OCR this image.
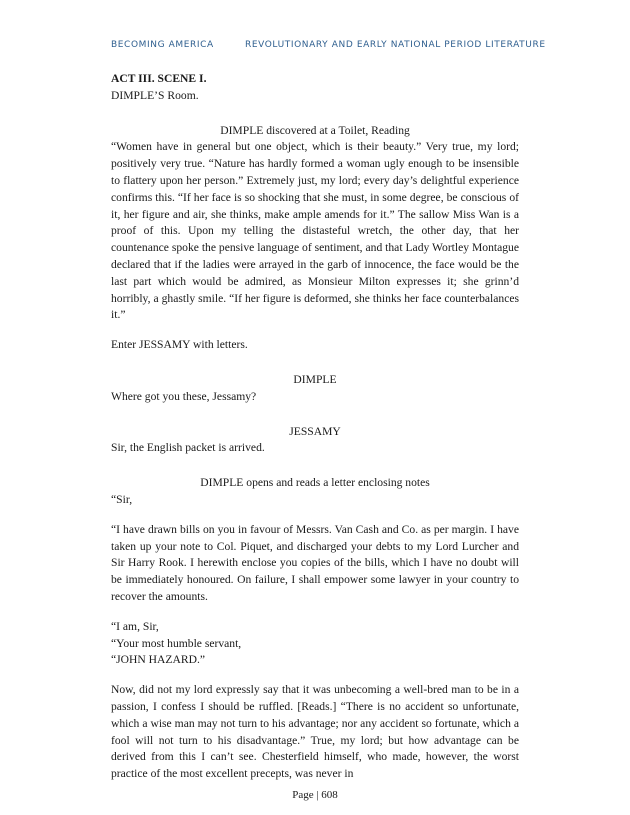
BECOMING AMERICA	REVOLUTIONARY AND EARLY NATIONAL PERIOD LITERATURE

ACT III. SCENE I.

DIMPLE’S Room.

DIMPLE discovered at a Toilet, Reading

“Women have in general but one object, which is their beauty.” Very true, my lord; positively very true. “Nature has hardly formed a woman ugly enough to be insensible to flattery upon her person.” Extremely just, my lord; every day’s delightful experience confirms this. “If her face is so shocking that she must, in some degree, be conscious of it, her figure and air, she thinks, make ample amends for it.” The sallow Miss Wan is a proof of this. Upon my telling the distasteful wretch, the other day, that her countenance spoke the pensive language of sentiment, and that Lady Wortley Montague declared that if the ladies were arrayed in the garb of innocence, the face would be the last part which would be admired, as Monsieur Milton expresses it; she grinn’d horribly, a ghastly smile. “If her figure is deformed, she thinks her face counterbalances it.”

Enter JESSAMY with letters.

DIMPLE

Where got you these, Jessamy?

JESSAMY

Sir, the English packet is arrived.

DIMPLE opens and reads a letter enclosing notes

“Sir,

“I have drawn bills on you in favour of Messrs. Van Cash and Co. as per margin. I have taken up your note to Col. Piquet, and discharged your debts to my Lord Lurcher and Sir Harry Rook. I herewith enclose you copies of the bills, which I have no doubt will be immediately honoured. On failure, I shall empower some lawyer in your country to recover the amounts.

“I am, Sir,

“Your most humble servant,

“JOHN HAZARD.”

Now, did not my lord expressly say that it was unbecoming a well-bred man to be in a passion, I confess I should be ruffled. [Reads.] “There is no accident so unfortunate, which a wise man may not turn to his advantage; nor any accident so fortunate, which a fool will not turn to his disadvantage.” True, my lord; but how advantage can be derived from this I can’t see. Chesterfield himself, who made, however, the worst practice of the most excellent precepts, was never in

Page | 608
